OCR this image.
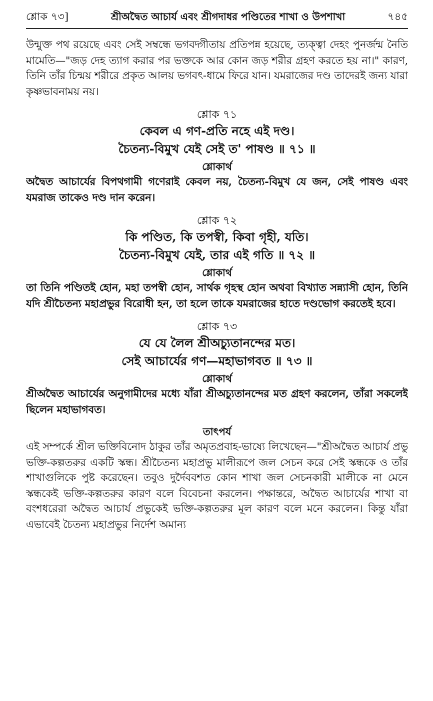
শ্লোক ৭৩]	শ্রীঅদ্বৈত আচার্য এবং শ্রীগদাধর পণ্ডিতের শাখা ও উপশাখা	৭৪৫

উন্মুক্ত পথ রয়েছে এবং সেই সম্বন্ধে ভগবদ্গীতায় প্রতিপন্ন হয়েছে, ত্যক্ত্বা দেহং পুনর্জন্ম নৈতি মামেতি—"জড় দেহ ত্যাগ করার পর ভক্তকে আর কোন জড় শরীর গ্রহণ করতে হয় না।" কারণ, তিনি তাঁর চিন্ময় শরীরে প্রকৃত আলয় ভগবৎ-ধামে ফিরে যান। যমরাজের দণ্ড তাদেরই জন্য যারা কৃষ্ণভাবনাময় নয়।

শ্লোক ৭১
কেবল এ গণ-প্রতি নহে এই দণ্ড।
চৈতন্য-বিমুখ যেই সেই ত' পাষণ্ড ॥ ৭১ ॥
শ্লোকার্থ

অদ্বৈত আচার্যের বিপথগামী গণেরাই কেবল নয়, চৈতন্য-বিমুখ যে জন, সেই পাষণ্ড এবং যমরাজ তাকেও দণ্ড দান করেন।

শ্লোক ৭২
কি পণ্ডিত, কি তপস্বী, কিবা গৃহী, যতি।
চৈতন্য-বিমুখ যেই, তার এই গতি ॥ ৭২ ॥
শ্লোকার্থ

তা তিনি পণ্ডিতই হোন, মহা তপস্বী হোন, সার্থক গৃহস্থ হোন অথবা বিখ্যাত সন্ন্যাসী হোন, তিনি যদি শ্রীচৈতন্য মহাপ্রভুর বিরোধী হন, তা হলে তাকে যমরাজের হাতে দণ্ডভোগ করতেই হবে।

শ্লোক ৭৩
যে যে লৈল শ্রীঅচ্যুতানন্দের মত।
সেই আচার্যের গণ—মহাভাগবত ॥ ৭৩ ॥
শ্লোকার্থ

শ্রীঅদ্বৈত আচার্যের অনুগামীদের মধ্যে যাঁরা শ্রীঅচ্যুতানন্দের মত গ্রহণ করলেন, তাঁরা সকলেই ছিলেন মহাভাগবত।

তাৎপর্য

এই সম্পর্কে শ্রীল ভক্তিবিনোদ ঠাকুর তাঁর অমৃতপ্রবাহ-ভাষ্যে লিখেছেন—"শ্রীঅদ্বৈত আচার্য প্রভু ভক্তি-কল্পতরুর একটি স্কন্ধ। শ্রীচৈতন্য মহাপ্রভু মালীরূপে জল সেচন করে সেই স্কন্ধকে ও তাঁর শাখাগুলিকে পুষ্ট করেছেন। তবুও দুর্দৈববশত কোন শাখা জল সেচনকারী মালীকে না মেনে স্কন্ধকেই ভক্তি-কল্পতরুর কারণ বলে বিবেচনা করলেন। পক্ষান্তরে, অদ্বৈত আচার্যের শাখা বা বংশধরেরা অদ্বৈত আচার্য প্রভুকেই ভক্তি-কল্পতরুর মূল কারণ বলে মনে করলেন। কিন্তু যাঁরা এভাবেই চৈতন্য মহাপ্রভুর নির্দেশ অমান্য
